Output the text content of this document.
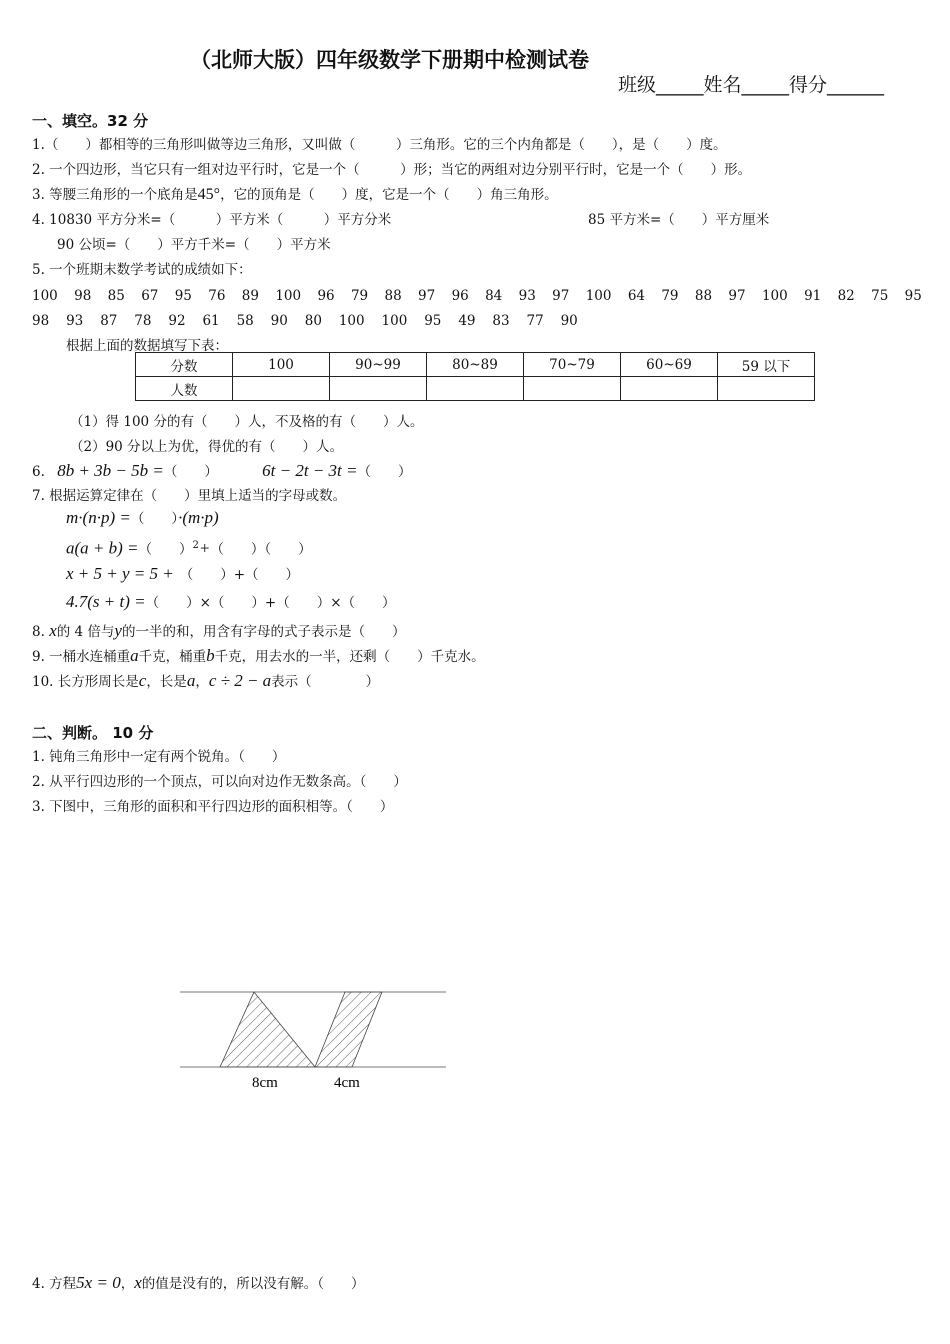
（北师大版）四年级数学下册期中检测试卷
班级_____姓名_____得分______
一、填空。32 分
1.（　　）都相等的三角形叫做等边三角形，又叫做（　　　）三角形。它的三个内角都是（　　），是（　　）度。
2. 一个四边形，当它只有一组对边平行时，它是一个（　　　）形；当它的两组对边分别平行时，它是一个（　　）形。
3. 等腰三角形的一个底角是45°，它的顶角是（　　）度，它是一个（　　）角三角形。
4. 10830 平方分米=（　　　）平方米（　　　）平方分米	85 平方米=（　　）平方厘米
90 公顷=（　　）平方千米=（　　）平方米
5. 一个班期末数学考试的成绩如下：
100 98 85 67 95 76 89 100 96 79 88 97 96 84 93 97 100 64 79 88 97 100 91 82 75 95
98 93 87 78 92 61 58 90 80 100 100 95 49 83 77 90
根据上面的数据填写下表：
分数	100	90~99	80~89	70~79	60~69	59 以下
人数						
（1）得 100 分的有（　　）人，不及格的有（　　）人。
（2）90 分以上为优，得优的有（　　）人。
6. 8b + 3b − 5b =（　　）	6t − 2t − 3t =（　　）
7. 根据运算定律在（　　）里填上适当的字母或数。
m·(n·p) =（　　）·(m·p)
a(a + b) =（　　）$^2$+（　　）（　　）
x + 5 + y = 5 + （　　）+（　　）
4.7(s + t) =（　　）×（　　）+（　　）×（　　）
8. x的 4 倍与y的一半的和，用含有字母的式子表示是（　　）
9. 一桶水连桶重a千克，桶重b千克，用去水的一半，还剩（　　）千克水。
10. 长方形周长是c，长是a，c ÷ 2 − a表示（　　　　）
二、判断。 10 分
1. 钝角三角形中一定有两个锐角。（　　）
2. 从平行四边形的一个顶点，可以向对边作无数条高。（　　）
3. 下图中，三角形的面积和平行四边形的面积相等。（　　）
8cm	4cm
4. 方程5x = 0，x的值是没有的，所以没有解。（　　）
